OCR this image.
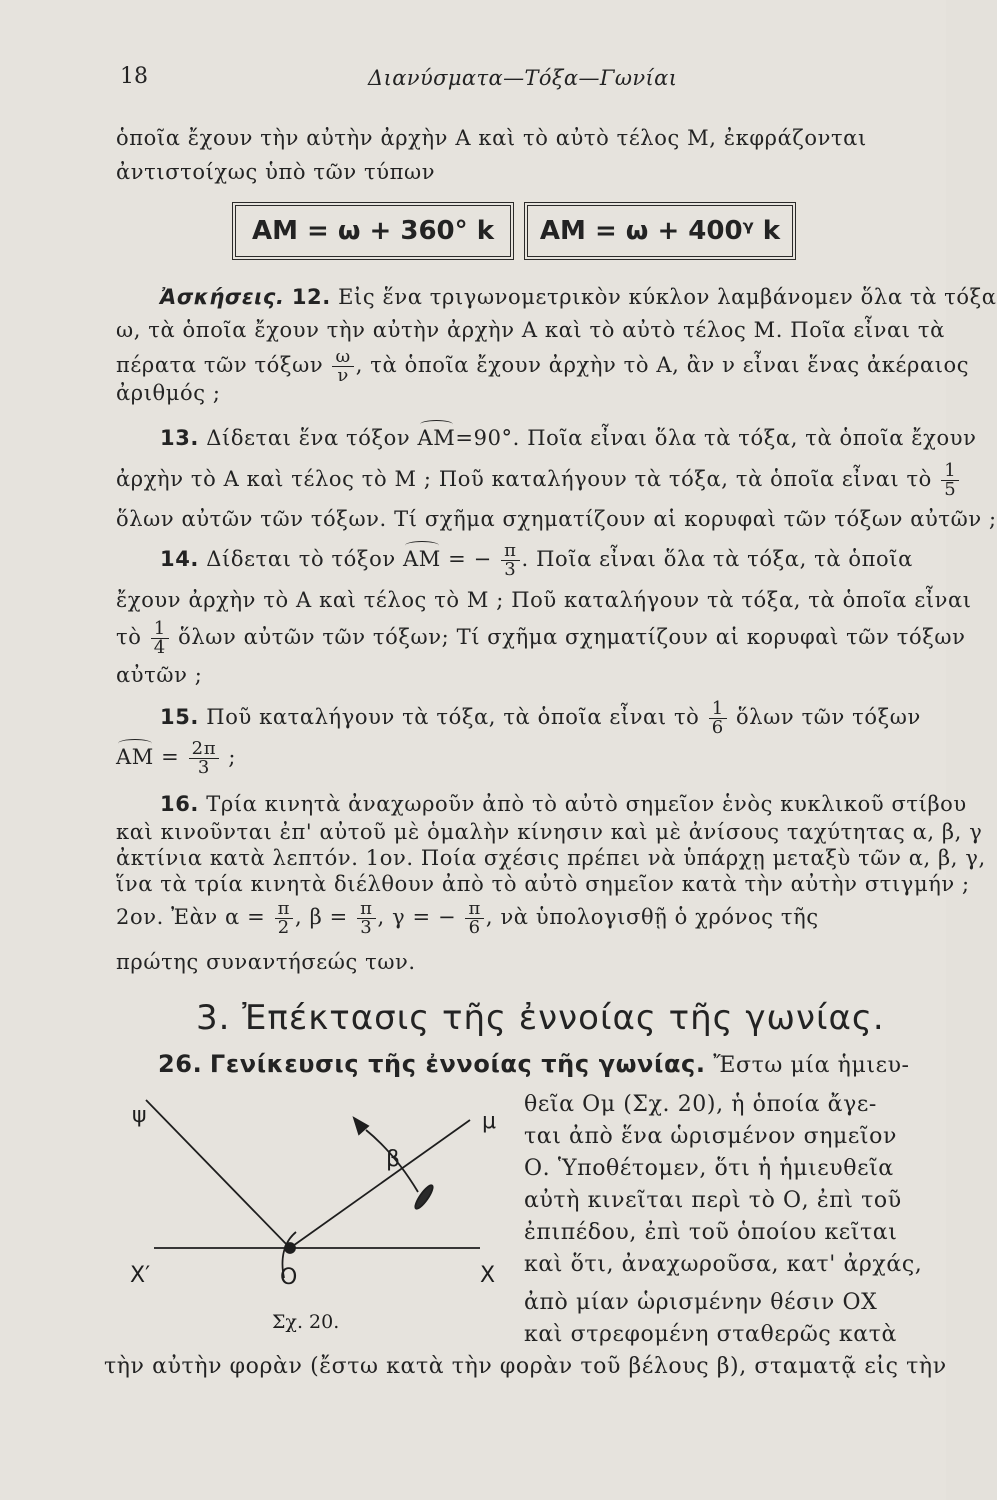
18	Διανύσματα—Τόξα—Γωνίαι
ὁποῖα ἔχουν τὴν αὐτὴν ἀρχὴν Α καὶ τὸ αὐτὸ τέλος Μ, ἐκφράζονται
ἀντιστοίχως ὑπὸ τῶν τύπων
AM = ω + 360° k AM = ω + 400ᵞ k
Ἀσκήσεις. 12. Εἰς ἕνα τριγωνομετρικὸν κύκλον λαμβάνομεν ὅλα τὰ τόξα
ω, τὰ ὁποῖα ἔχουν τὴν αὐτὴν ἀρχὴν Α καὶ τὸ αὐτὸ τέλος Μ. Ποῖα εἶναι τὰ
πέρατα τῶν τόξων $\frac{\omega}{\nu}$ , τὰ ὁποῖα ἔχουν ἀρχὴν τὸ Α, ἂν ν εἶναι ἕνας ἀκέραιος
ἀριθμός ;
13. Δίδεται ἕνα τόξον AM=90°. Ποῖα εἶναι ὅλα τὰ τόξα, τὰ ὁποῖα ἔχουν
ἀρχὴν τὸ Α καὶ τέλος τὸ Μ ; Ποῦ καταλήγουν τὰ τόξα, τὰ ὁποῖα εἶναι τὸ $\frac{1}{5}$
ὅλων αὐτῶν τῶν τόξων. Τί σχῆμα σχηματίζουν αἱ κορυφαὶ τῶν τόξων αὐτῶν ;
14. Δίδεται τὸ τόξον AM = − $\frac{\pi}{3}$ . Ποῖα εἶναι ὅλα τὰ τόξα, τὰ ὁποῖα
ἔχουν ἀρχὴν τὸ Α καὶ τέλος τὸ Μ ; Ποῦ καταλήγουν τὰ τόξα, τὰ ὁποῖα εἶναι
τὸ $\frac{1}{4}$ ὅλων αὐτῶν τῶν τόξων; Τί σχῆμα σχηματίζουν αἱ κορυφαὶ τῶν τόξων
αὐτῶν ;
15. Ποῦ καταλήγουν τὰ τόξα, τὰ ὁποῖα εἶναι τὸ $\frac{1}{6}$ ὅλων τῶν τόξων
AM = $\frac{2\pi}{3}$ ;
16. Τρία κινητὰ ἀναχωροῦν ἀπὸ τὸ αὐτὸ σημεῖον ἑνὸς κυκλικοῦ στίβου
καὶ κινοῦνται ἐπ' αὐτοῦ μὲ ὁμαλὴν κίνησιν καὶ μὲ ἀνίσους ταχύτητας α, β, γ
ἀκτίνια κατὰ λεπτόν. 1ον. Ποία σχέσις πρέπει νὰ ὑπάρχῃ μεταξὺ τῶν α, β, γ,
ἵνα τὰ τρία κινητὰ διέλθουν ἀπὸ τὸ αὐτὸ σημεῖον κατὰ τὴν αὐτὴν στιγμήν ;
2ον. Ἐὰν $\alpha = \frac{\pi}{2}$ , $\beta = \frac{\pi}{3}$ , γ = − $\frac{\pi}{6}$ , νὰ ὑπολογισθῇ ὁ χρόνος τῆς
πρώτης συναντήσεώς των.
3. Ἐπέκτασις τῆς ἐννοίας τῆς γωνίας.
26. Γενίκευσις τῆς ἐννοίας τῆς γωνίας. Ἔστω μία ἡμιευ-
θεῖα Ομ (Σχ. 20), ἡ ὁποία ἄγε-
ται ἀπὸ ἕνα ὡρισμένον σημεῖον
Ο. Ὑποθέτομεν, ὅτι ἡ ἡμιευθεῖα
αὐτὴ κινεῖται περὶ τὸ Ο, ἐπὶ τοῦ
ἐπιπέδου, ἐπὶ τοῦ ὁποίου κεῖται
καὶ ὅτι, ἀναχωροῦσα, κατ' ἀρχάς,
ἀπὸ μίαν ὡρισμένην θέσιν ΟΧ
καὶ στρεφομένη σταθερῶς κατὰ
τὴν αὐτὴν φορὰν (ἔστω κατὰ τὴν φορὰν τοῦ βέλους β), σταματᾷ εἰς τὴν
ψ	μ
β
X′	X
O
Σχ. 20.
